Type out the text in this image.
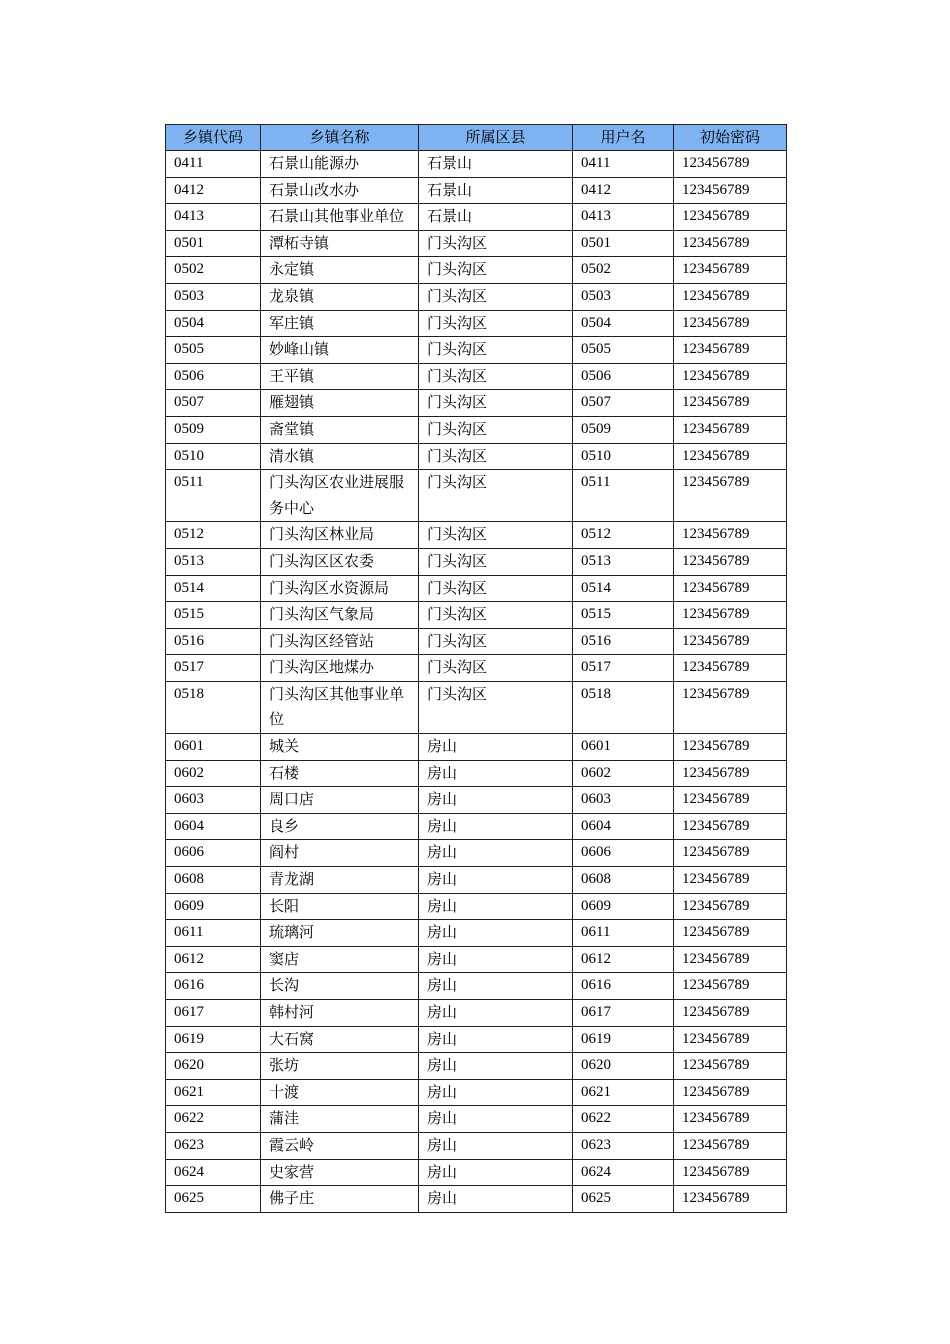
乡镇代码	乡镇名称	所属区县	用户名	初始密码
0411	石景山能源办	石景山	0411	123456789
0412	石景山改水办	石景山	0412	123456789
0413	石景山其他事业单位	石景山	0413	123456789
0501	潭柘寺镇	门头沟区	0501	123456789
0502	永定镇	门头沟区	0502	123456789
0503	龙泉镇	门头沟区	0503	123456789
0504	军庄镇	门头沟区	0504	123456789
0505	妙峰山镇	门头沟区	0505	123456789
0506	王平镇	门头沟区	0506	123456789
0507	雁翅镇	门头沟区	0507	123456789
0509	斋堂镇	门头沟区	0509	123456789
0510	清水镇	门头沟区	0510	123456789
0511	门头沟区农业进展服务中心	门头沟区	0511	123456789
0512	门头沟区林业局	门头沟区	0512	123456789
0513	门头沟区区农委	门头沟区	0513	123456789
0514	门头沟区水资源局	门头沟区	0514	123456789
0515	门头沟区气象局	门头沟区	0515	123456789
0516	门头沟区经管站	门头沟区	0516	123456789
0517	门头沟区地煤办	门头沟区	0517	123456789
0518	门头沟区其他事业单位	门头沟区	0518	123456789
0601	城关	房山	0601	123456789
0602	石楼	房山	0602	123456789
0603	周口店	房山	0603	123456789
0604	良乡	房山	0604	123456789
0606	阎村	房山	0606	123456789
0608	青龙湖	房山	0608	123456789
0609	长阳	房山	0609	123456789
0611	琉璃河	房山	0611	123456789
0612	窦店	房山	0612	123456789
0616	长沟	房山	0616	123456789
0617	韩村河	房山	0617	123456789
0619	大石窝	房山	0619	123456789
0620	张坊	房山	0620	123456789
0621	十渡	房山	0621	123456789
0622	蒲洼	房山	0622	123456789
0623	霞云岭	房山	0623	123456789
0624	史家营	房山	0624	123456789
0625	佛子庄	房山	0625	123456789
